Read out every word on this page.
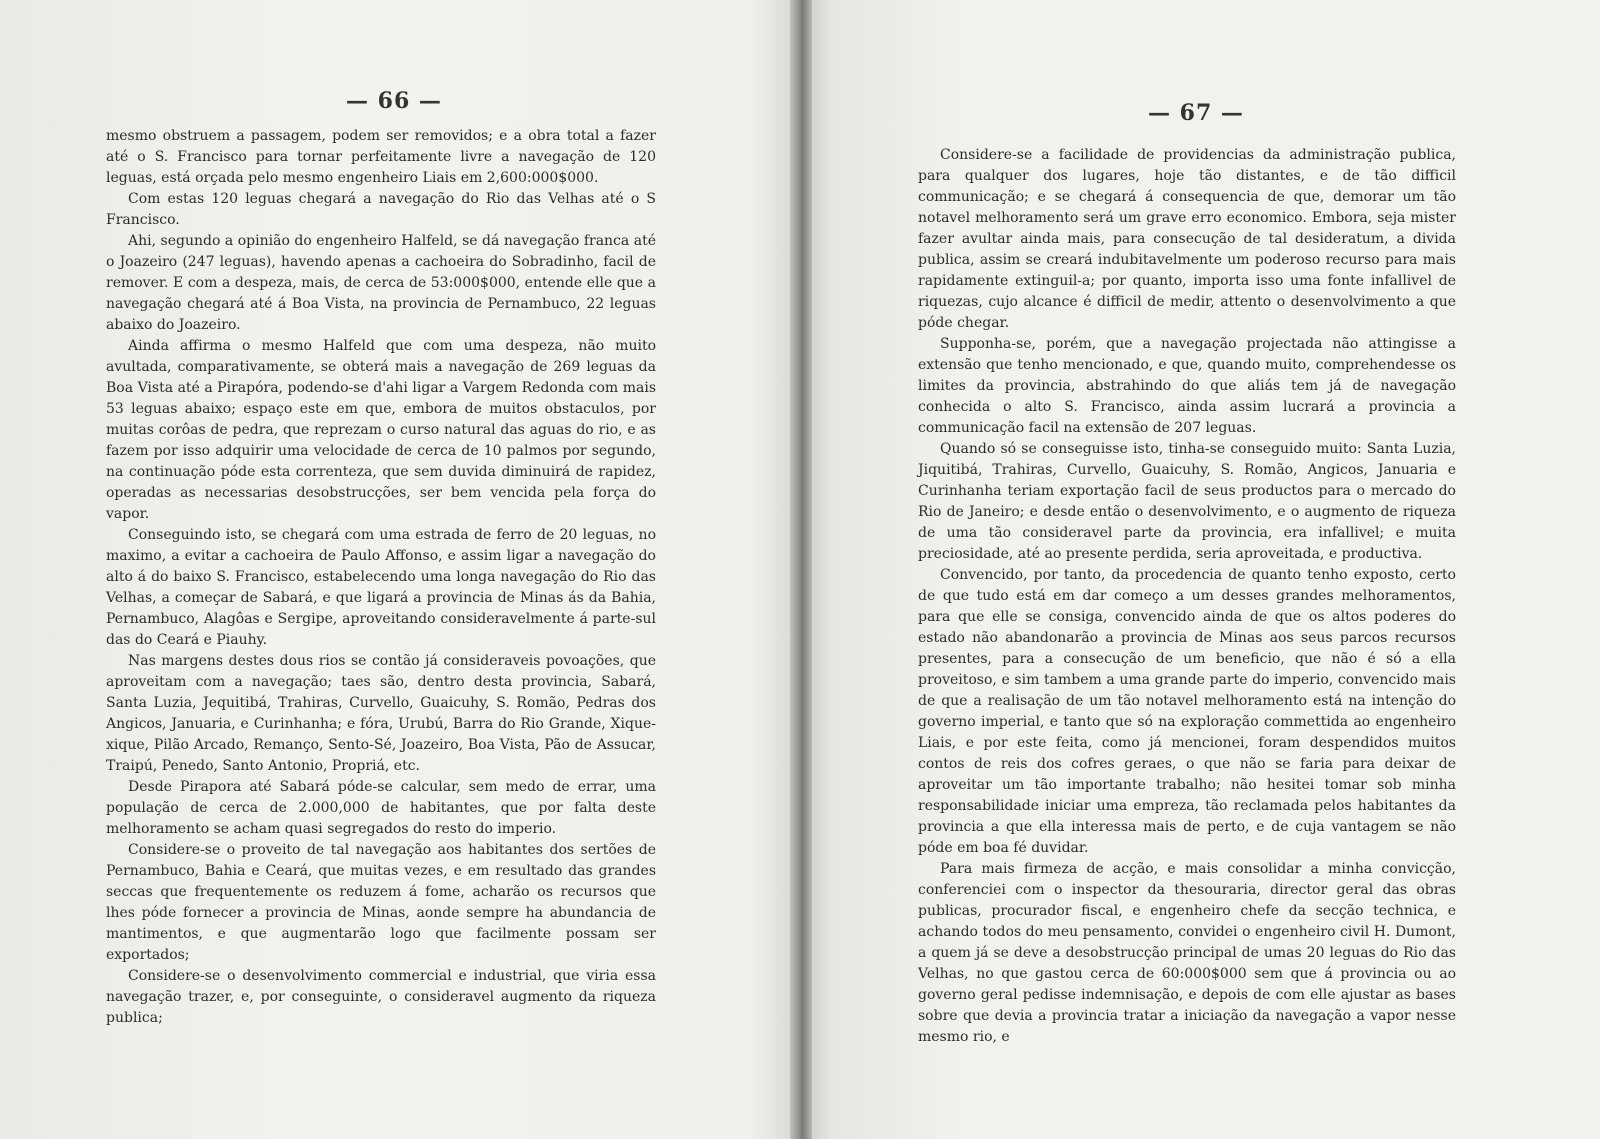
— 66 —

mesmo obstruem a passagem, podem ser removidos; e a obra total a fazer até o S. Francisco para tornar perfeitamente livre a navegação de 120 leguas, está orçada pelo mesmo engenheiro Liais em 2,600:000$000.

Com estas 120 leguas chegará a navegação do Rio das Velhas até o S Francisco.

Ahi, segundo a opinião do engenheiro Halfeld, se dá navegação franca até o Joazeiro (247 leguas), havendo apenas a cachoeira do Sobradinho, facil de remover. E com a despeza, mais, de cerca de 53:000$000, entende elle que a navegação chegará até á Boa Vista, na provincia de Pernambuco, 22 leguas abaixo do Joazeiro.

Ainda affirma o mesmo Halfeld que com uma despeza, não muito avultada, comparativamente, se obterá mais a navegação de 269 leguas da Boa Vista até a Pirapóra, podendo-se d'ahi ligar a Vargem Redonda com mais 53 leguas abaixo; espaço este em que, embora de muitos obstaculos, por muitas corôas de pedra, que reprezam o curso natural das aguas do rio, e as fazem por isso adquirir uma velocidade de cerca de 10 palmos por segundo, na continuação póde esta correnteza, que sem duvida diminuirá de rapidez, operadas as necessarias desobstrucções, ser bem vencida pela força do vapor.

Conseguindo isto, se chegará com uma estrada de ferro de 20 leguas, no maximo, a evitar a cachoeira de Paulo Affonso, e assim ligar a navegação do alto á do baixo S. Francisco, estabelecendo uma longa navegação do Rio das Velhas, a começar de Sabará, e que ligará a provincia de Minas ás da Bahia, Pernambuco, Alagôas e Sergipe, aproveitando consideravelmente á parte-sul das do Ceará e Piauhy.

Nas margens destes dous rios se contão já consideraveis povoações, que aproveitam com a navegação; taes são, dentro desta provincia, Sabará, Santa Luzia, Jequitibá, Trahiras, Curvello, Guaicuhy, S. Romão, Pedras dos Angicos, Januaria, e Curinhanha; e fóra, Urubú, Barra do Rio Grande, Xique-xique, Pilão Arcado, Remanço, Sento-Sé, Joazeiro, Boa Vista, Pão de Assucar, Traipú, Penedo, Santo Antonio, Propriá, etc.

Desde Pirapora até Sabará póde-se calcular, sem medo de errar, uma população de cerca de 2.000,000 de habitantes, que por falta deste melhoramento se acham quasi segregados do resto do imperio.

Considere-se o proveito de tal navegação aos habitantes dos sertões de Pernambuco, Bahia e Ceará, que muitas vezes, e em resultado das grandes seccas que frequentemente os reduzem á fome, acharão os recursos que lhes póde fornecer a provincia de Minas, aonde sempre ha abundancia de mantimentos, e que augmentarão logo que facilmente possam ser exportados;

Considere-se o desenvolvimento commercial e industrial, que viria essa navegação trazer, e, por conseguinte, o consideravel augmento da riqueza publica;

— 67 —

Considere-se a facilidade de providencias da administração publica, para qualquer dos lugares, hoje tão distantes, e de tão difficil communicação; e se chegará á consequencia de que, demorar um tão notavel melhoramento será um grave erro economico. Embora, seja mister fazer avultar ainda mais, para consecução de tal desideratum, a divida publica, assim se creará indubitavelmente um poderoso recurso para mais rapidamente extinguil-a; por quanto, importa isso uma fonte infallivel de riquezas, cujo alcance é difficil de medir, attento o desenvolvimento a que póde chegar.

Supponha-se, porém, que a navegação projectada não attingisse a extensão que tenho mencionado, e que, quando muito, comprehendesse os limites da provincia, abstrahindo do que aliás tem já de navegação conhecida o alto S. Francisco, ainda assim lucrará a provincia a communicação facil na extensão de 207 leguas.

Quando só se conseguisse isto, tinha-se conseguido muito: Santa Luzia, Jiquitibá, Trahiras, Curvello, Guaicuhy, S. Romão, Angicos, Januaria e Curinhanha teriam exportação facil de seus productos para o mercado do Rio de Janeiro; e desde então o desenvolvimento, e o augmento de riqueza de uma tão consideravel parte da provincia, era infallivel; e muita preciosidade, até ao presente perdida, seria aproveitada, e productiva.

Convencido, por tanto, da procedencia de quanto tenho exposto, certo de que tudo está em dar começo a um desses grandes melhoramentos, para que elle se consiga, convencido ainda de que os altos poderes do estado não abandonarão a provincia de Minas aos seus parcos recursos presentes, para a consecução de um beneficio, que não é só a ella proveitoso, e sim tambem a uma grande parte do imperio, convencido mais de que a realisação de um tão notavel melhoramento está na intenção do governo imperial, e tanto que só na exploração commettida ao engenheiro Liais, e por este feita, como já mencionei, foram despendidos muitos contos de reis dos cofres geraes, o que não se faria para deixar de aproveitar um tão importante trabalho; não hesitei tomar sob minha responsabilidade iniciar uma empreza, tão reclamada pelos habitantes da provincia a que ella interessa mais de perto, e de cuja vantagem se não póde em boa fé duvidar.

Para mais firmeza de acção, e mais consolidar a minha convicção, conferenciei com o inspector da thesouraria, director geral das obras publicas, procurador fiscal, e engenheiro chefe da secção technica, e achando todos do meu pensamento, convidei o engenheiro civil H. Dumont, a quem já se deve a desobstrucção principal de umas 20 leguas do Rio das Velhas, no que gastou cerca de 60:000$000 sem que á provincia ou ao governo geral pedisse indemnisação, e depois de com elle ajustar as bases sobre que devia a provincia tratar a iniciação da navegação a vapor nesse mesmo rio, e
